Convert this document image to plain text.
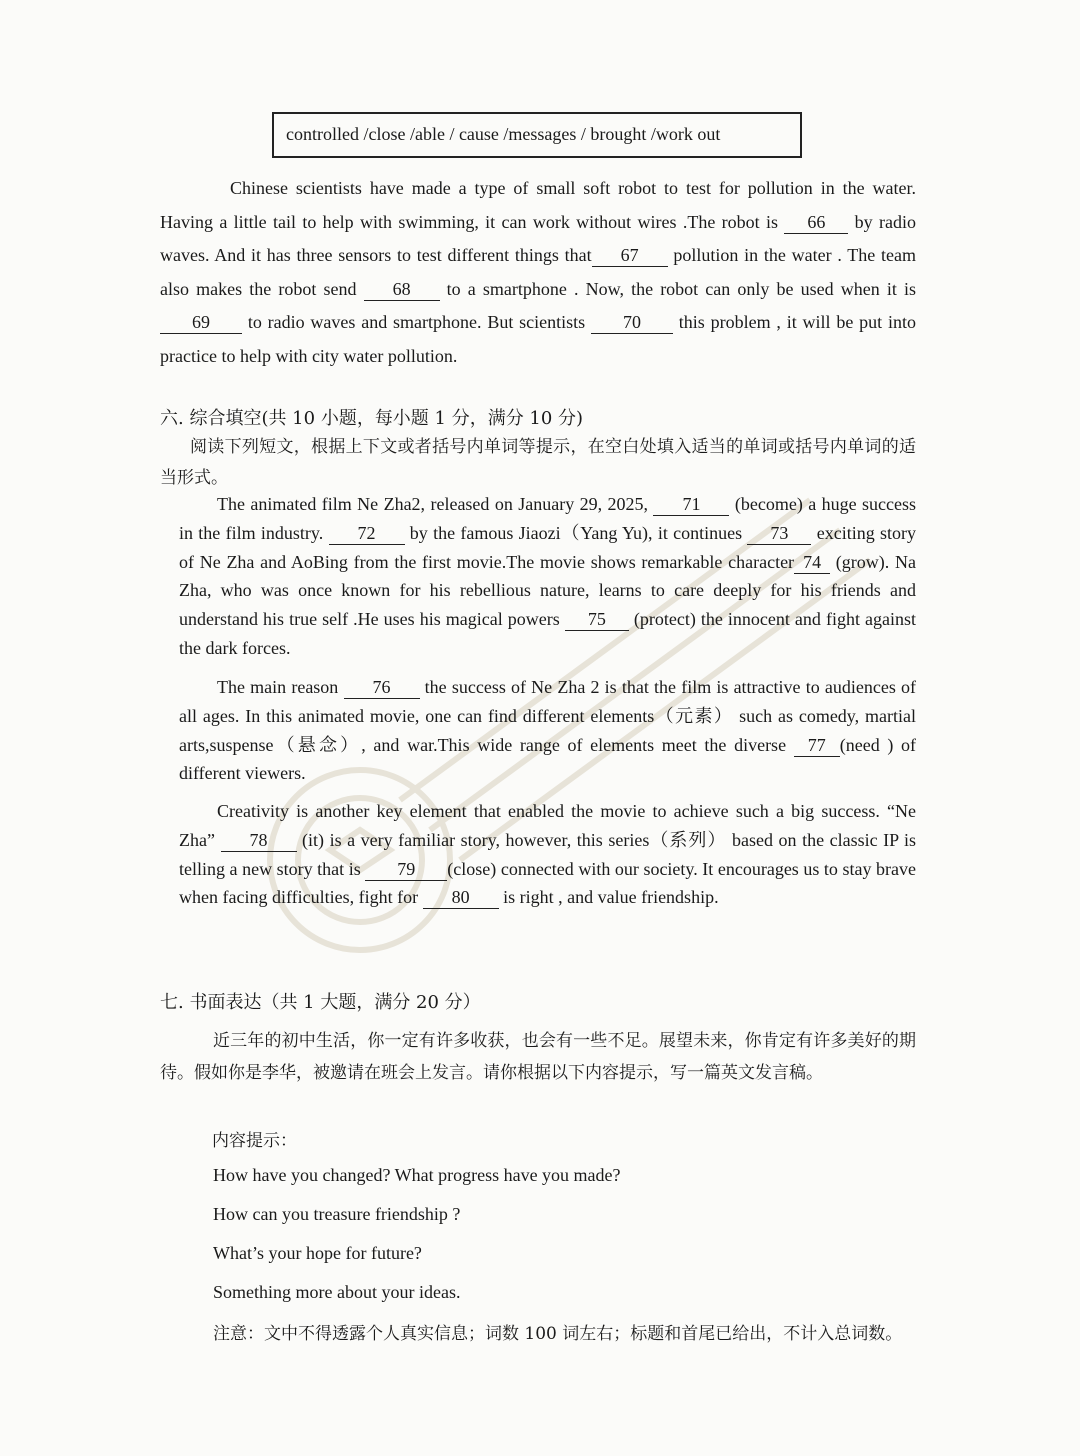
controlled /close /able / cause /messages / brought /work out

Chinese scientists have made a type of small soft robot to test for pollution in the water. Having a little tail to help with swimming, it can work without wires .The robot is 66 by radio waves. And it has three sensors to test different things that 67 pollution in the water . The team also makes the robot send 68 to a smartphone . Now, the robot can only be used when it is 69 to radio waves and smartphone. But scientists 70 this problem , it will be put into practice to help with city water pollution.

六. 综合填空(共 10 小题，每小题 1 分，满分 10 分)

阅读下列短文，根据上下文或者括号内单词等提示，在空白处填入适当的单词或括号内单词的适当形式。

The animated film Ne Zha2, released on January 29, 2025, 71 (become) a huge success in the film industry. 72 by the famous Jiaozi（Yang Yu), it continues 73 exciting story of Ne Zha and AoBing from the first movie.The movie shows remarkable character 74 (grow). Na Zha, who was once known for his rebellious nature, learns to care deeply for his friends and understand his true self .He uses his magical powers 75 (protect) the innocent and fight against the dark forces.

The main reason 76 the success of Ne Zha 2 is that the film is attractive to audiences of all ages. In this animated movie, one can find different elements（元素） such as comedy, martial arts,suspense（悬念）, and war.This wide range of elements meet the diverse 77 (need ) of different viewers.

Creativity is another key element that enabled the movie to achieve such a big success. “Ne Zha” 78 (it) is a very familiar story, however, this series（系列） based on the classic IP is telling a new story that is 79 (close) connected with our society. It encourages us to stay brave when facing difficulties, fight for 80 is right , and value friendship.

七. 书面表达（共 1 大题，满分 20 分）

近三年的初中生活，你一定有许多收获，也会有一些不足。展望未来，你肯定有许多美好的期待。假如你是李华，被邀请在班会上发言。请你根据以下内容提示，写一篇英文发言稿。

内容提示：

How have you changed? What progress have you made?

How can you treasure friendship ?

What’s your hope for future?

Something more about your ideas.

注意：文中不得透露个人真实信息；词数 100 词左右；标题和首尾已给出，不计入总词数。
